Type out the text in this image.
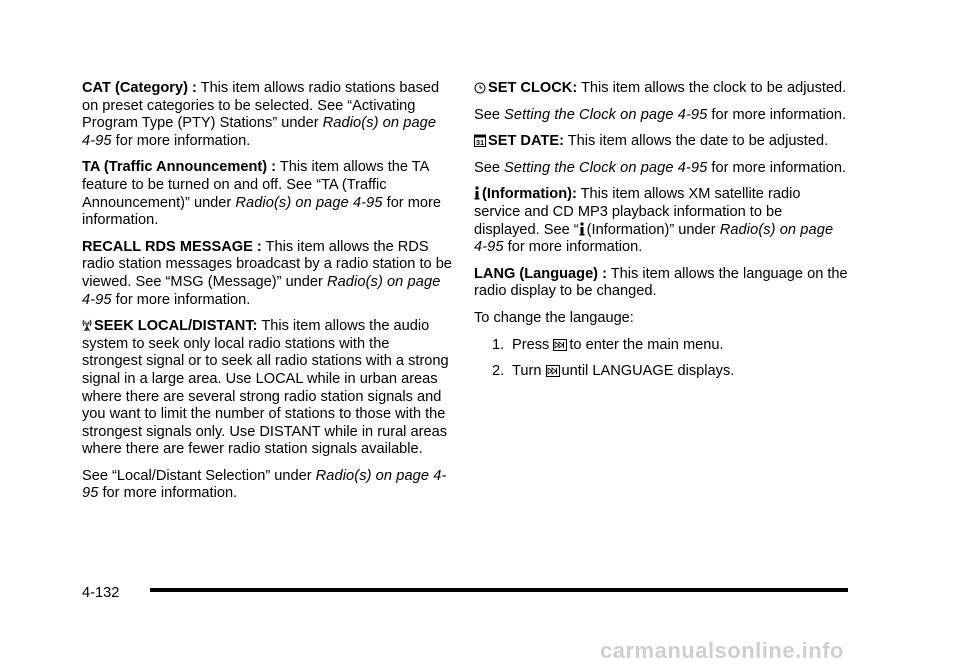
CAT (Category) : This item allows radio stations based on preset categories to be selected. See “Activating Program Type (PTY) Stations” under Radio(s) on page 4-95 for more information.

TA (Traffic Announcement) : This item allows the TA feature to be turned on and off. See “TA (Traffic Announcement)” under Radio(s) on page 4-95 for more information.

RECALL RDS MESSAGE : This item allows the RDS radio station messages broadcast by a radio station to be viewed. See “MSG (Message)” under Radio(s) on page 4-95 for more information.

SEEK LOCAL/DISTANT: This item allows the audio system to seek only local radio stations with the strongest signal or to seek all radio stations with a strong signal in a large area. Use LOCAL while in urban areas where there are several strong radio station signals and you want to limit the number of stations to those with the strongest signals only. Use DISTANT while in rural areas where there are fewer radio station signals available.

See “Local/Distant Selection” under Radio(s) on page 4-95 for more information.

SET CLOCK: This item allows the clock to be adjusted.

See Setting the Clock on page 4-95 for more information.

31 SET DATE: This item allows the date to be adjusted.

See Setting the Clock on page 4-95 for more information.

(Information): This item allows XM satellite radio service and CD MP3 playback information to be displayed. See “ (Information)” under Radio(s) on page 4-95 for more information.

LANG (Language) : This item allows the language on the radio display to be changed.

To change the langauge:

1. Press to enter the main menu.
2. Turn until LANGUAGE displays.
4-132
carmanualsonline.info
